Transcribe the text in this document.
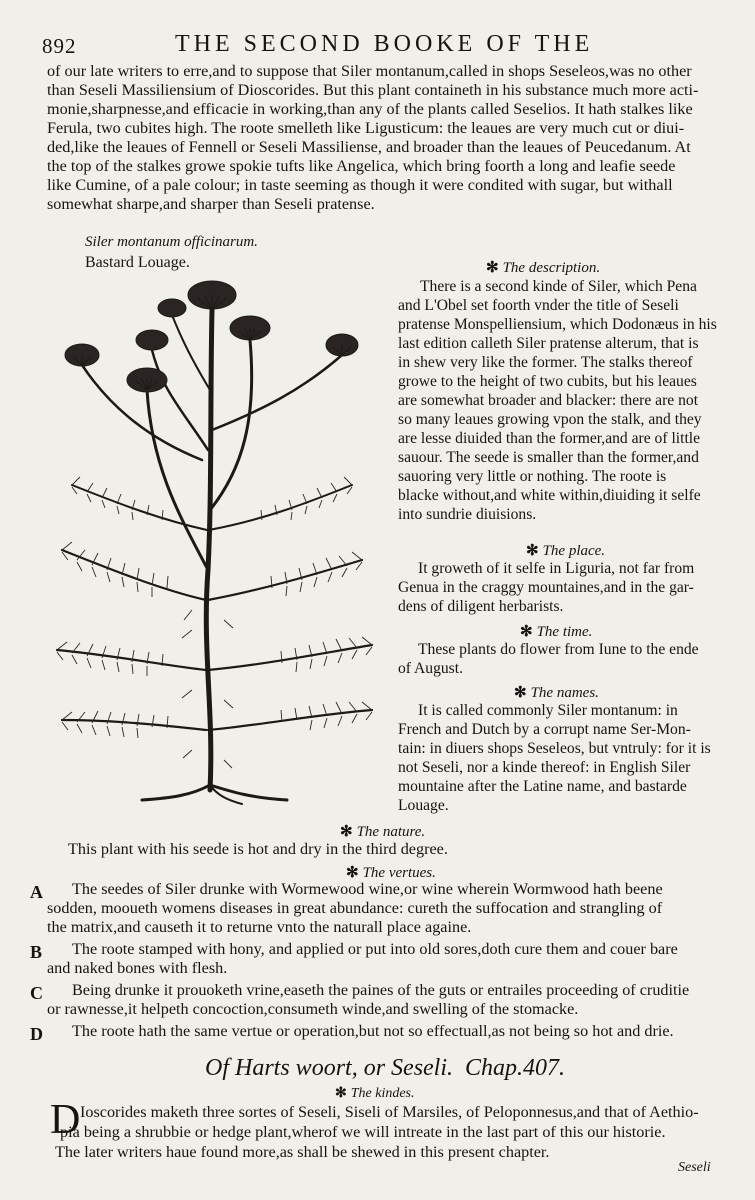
892	THE SECOND BOOKE OF THE
of our late writers to erre,and to suppose that Siler montanum,called in shops Seseleos,was no other
than Seseli Massiliensium of Dioscorides. But this plant containeth in his substance much more acti-
monie,sharpnesse,and efficacie in working,than any of the plants called Seselios. It hath stalkes like
Ferula, two cubites high. The roote smelleth like Ligusticum: the leaues are very much cut or diui-
ded,like the leaues of Fennell or Seseli Massiliense, and broader than the leaues of Peucedanum. At
the top of the stalkes growe spokie tufts like Angelica, which bring foorth a long and leafie seede
like Cumine, of a pale colour; in taste seeming as though it were condited with sugar, but withall
somewhat sharpe,and sharper than Seseli pratense.
Siler montanum officinarum.
Bastard Louage.	✻ The description.
There is a second kinde of Siler, which Pena
and L'Obel set foorth vnder the title of Seseli
pratense Monspelliensium, which Dodonæus in his
last edition calleth Siler pratense alterum, that is
in shew very like the former. The stalks thereof
growe to the height of two cubits, but his leaues
are somewhat broader and blacker: there are not
so many leaues growing vpon the stalk, and they
are lesse diuided than the former,and are of little
sauour. The seede is smaller than the former,and
sauoring very little or nothing. The roote is
blacke without,and white within,diuiding it selfe
into sundrie diuisions.
✻ The place.
It groweth of it selfe in Liguria, not far from
Genua in the craggy mountaines,and in the gar-
dens of diligent herbarists.
✻ The time.
These plants do flower from Iune to the ende
of August.
✻ The names.
It is called commonly Siler montanum: in
French and Dutch by a corrupt name Ser-Mon-
tain: in diuers shops Seseleos, but vntruly: for it is
not Seseli, nor a kinde thereof: in English Siler
mountaine after the Latine name, and bastarde
Louage.
✻ The nature.
This plant with his seede is hot and dry in the third degree.
✻ The vertues.
A The seedes of Siler drunke with Wormewood wine,or wine wherein Wormwood hath beene
sodden, mooueth womens diseases in great abundance: cureth the suffocation and strangling of
the matrix,and causeth it to returne vnto the naturall place againe.
B The roote stamped with hony, and applied or put into old sores,doth cure them and couer bare
and naked bones with flesh.
C Being drunke it prouoketh vrine,easeth the paines of the guts or entrailes proceeding of cruditie
or rawnesse,it helpeth concoction,consumeth winde,and swelling of the stomacke.
D The roote hath the same vertue or operation,but not so effectuall,as not being so hot and drie.
Of Harts woort, or Seseli. Chap.407.
✻ The kindes.
D Ioscorides maketh three sortes of Seseli, Siseli of Marsiles, of Peloponnesus,and that of Aethio-
pia being a shrubbie or hedge plant,wherof we will intreate in the last part of this our historie.
The later writers haue found more,as shall be shewed in this present chapter.
Seseli
